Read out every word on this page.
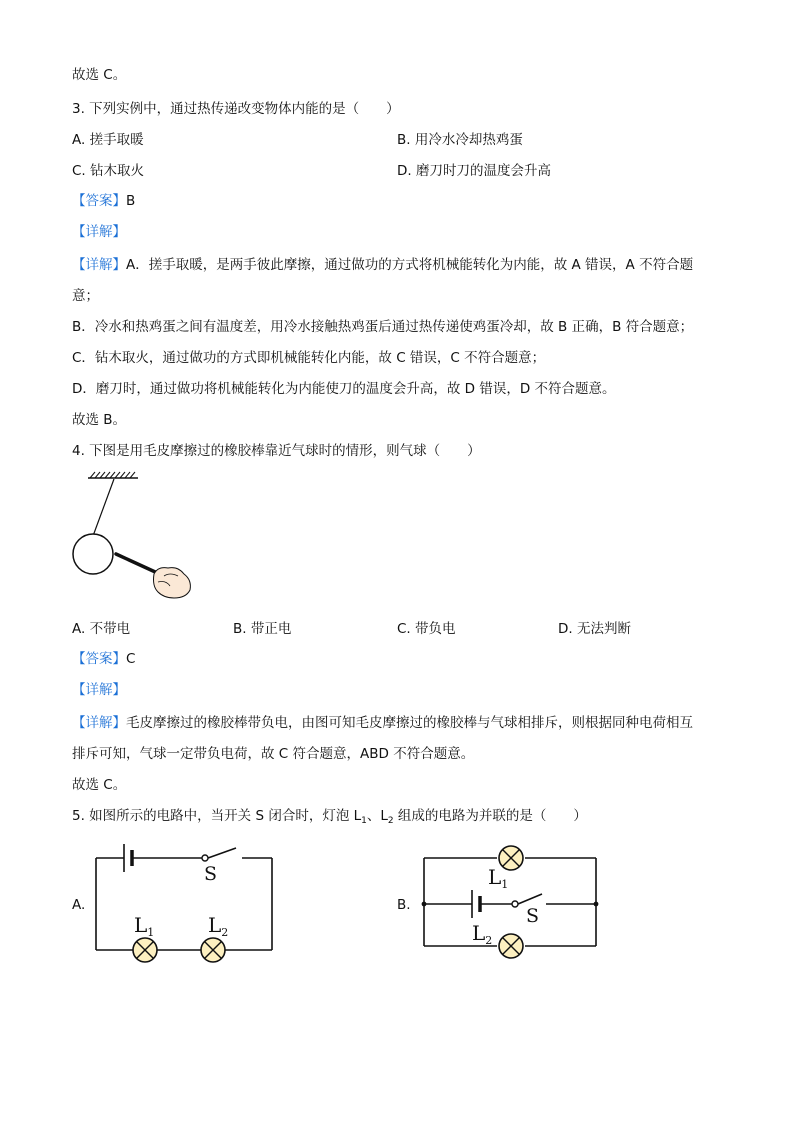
故选 C。
3. 下列实例中，通过热传递改变物体内能的是（　　）
A. 搓手取暖	B. 用冷水冷却热鸡蛋
C. 钻木取火	D. 磨刀时刀的温度会升高
【答案】B
【详解】
【详解】A．搓手取暖，是两手彼此摩擦，通过做功的方式将机械能转化为内能，故 A 错误，A 不符合题
意；
B．冷水和热鸡蛋之间有温度差，用冷水接触热鸡蛋后通过热传递使鸡蛋冷却，故 B 正确，B 符合题意；
C．钻木取火，通过做功的方式即机械能转化内能，故 C 错误，C 不符合题意；
D．磨刀时，通过做功将机械能转化为内能使刀的温度会升高，故 D 错误，D 不符合题意。
故选 B。
4. 下图是用毛皮摩擦过的橡胶棒靠近气球时的情形，则气球（　　）
A. 不带电	B. 带正电	C. 带负电	D. 无法判断
【答案】C
【详解】
【详解】毛皮摩擦过的橡胶棒带负电，由图可知毛皮摩擦过的橡胶棒与气球相排斥，则根据同种电荷相互
排斥可知，气球一定带负电荷，故 C 符合题意，ABD 不符合题意。
故选 C。
5. 如图所示的电路中，当开关 S 闭合时，灯泡 $L_1$、$L_2$ 组成的电路为并联的是（　　）
A.
S
$L_1$	$L_2$
B.	S
$L_1$
$L_2$
